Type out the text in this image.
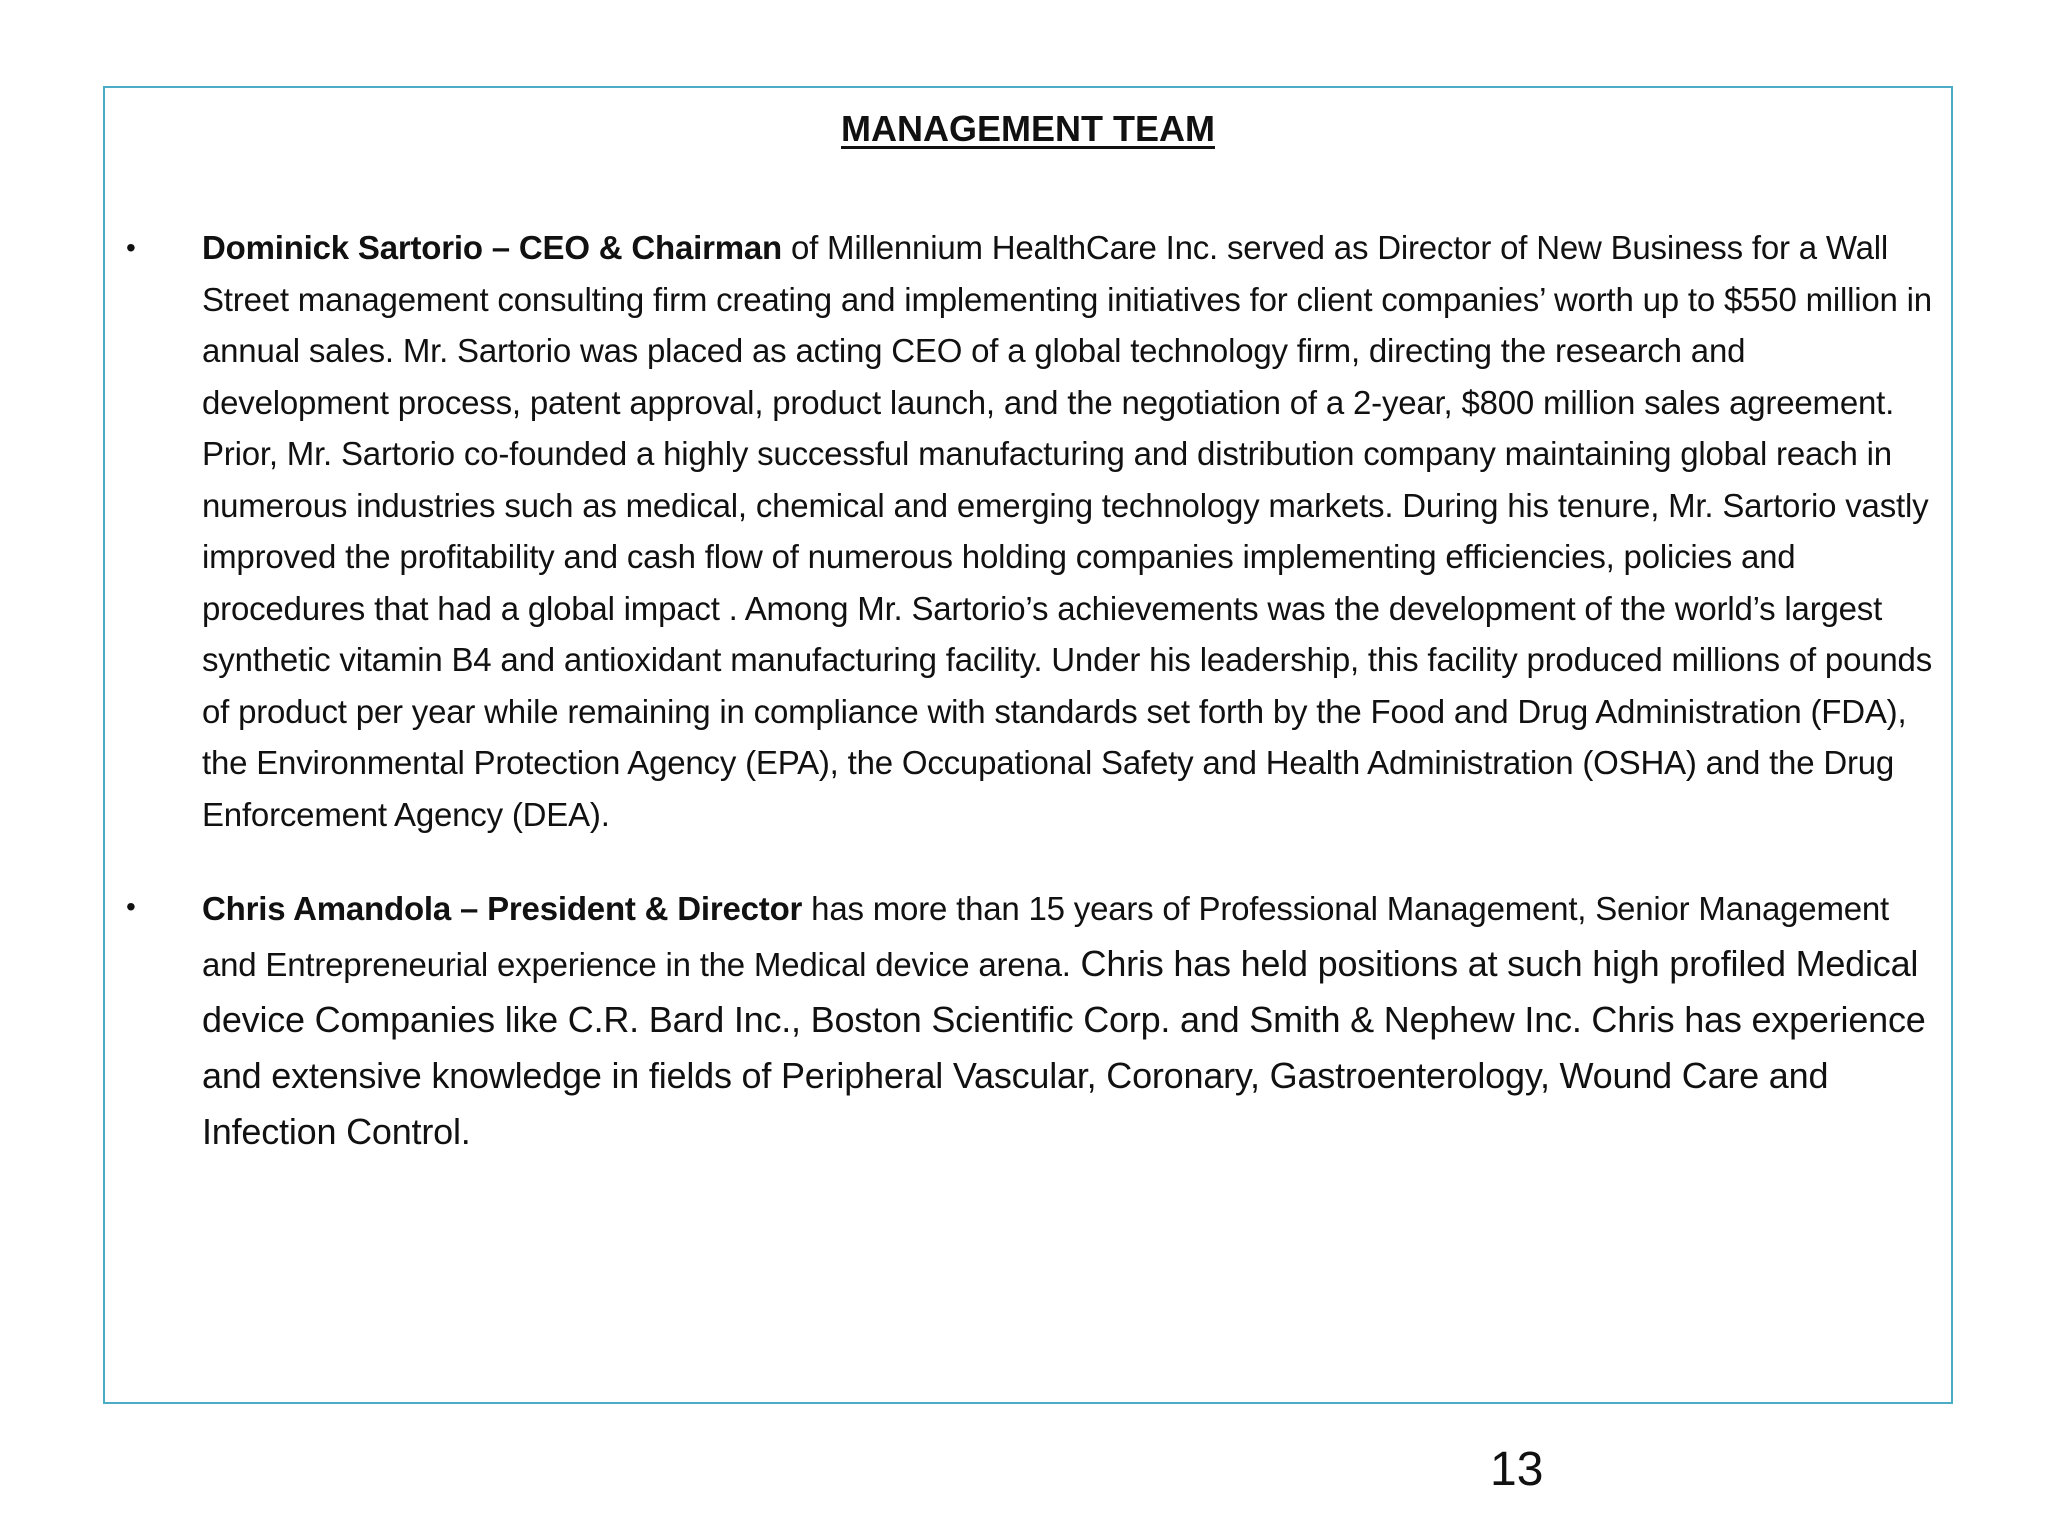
MANAGEMENT TEAM
• Dominick Sartorio – CEO & Chairman of Millennium HealthCare Inc. served as Director of New Business for a Wall Street management consulting firm creating and implementing initiatives for client companies’ worth up to $550 million in annual sales. Mr. Sartorio was placed as acting CEO of a global technology firm, directing the research and development process, patent approval, product launch, and the negotiation of a 2-year, $800 million sales agreement. Prior, Mr. Sartorio co-founded a highly successful manufacturing and distribution company maintaining global reach in numerous industries such as medical, chemical and emerging technology markets. During his tenure, Mr. Sartorio vastly improved the profitability and cash flow of numerous holding companies implementing efficiencies, policies and procedures that had a global impact . Among Mr. Sartorio’s achievements was the development of the world’s largest synthetic vitamin B4 and antioxidant manufacturing facility. Under his leadership, this facility produced millions of pounds of product per year while remaining in compliance with standards set forth by the Food and Drug Administration (FDA), the Environmental Protection Agency (EPA), the Occupational Safety and Health Administration (OSHA) and the Drug Enforcement Agency (DEA).
• Chris Amandola – President & Director has more than 15 years of Professional Management, Senior Management and Entrepreneurial experience in the Medical device arena. Chris has held positions at such high profiled Medical device Companies like C.R. Bard Inc., Boston Scientific Corp. and Smith & Nephew Inc. Chris has experience and extensive knowledge in fields of Peripheral Vascular, Coronary, Gastroenterology, Wound Care and Infection Control.
13
